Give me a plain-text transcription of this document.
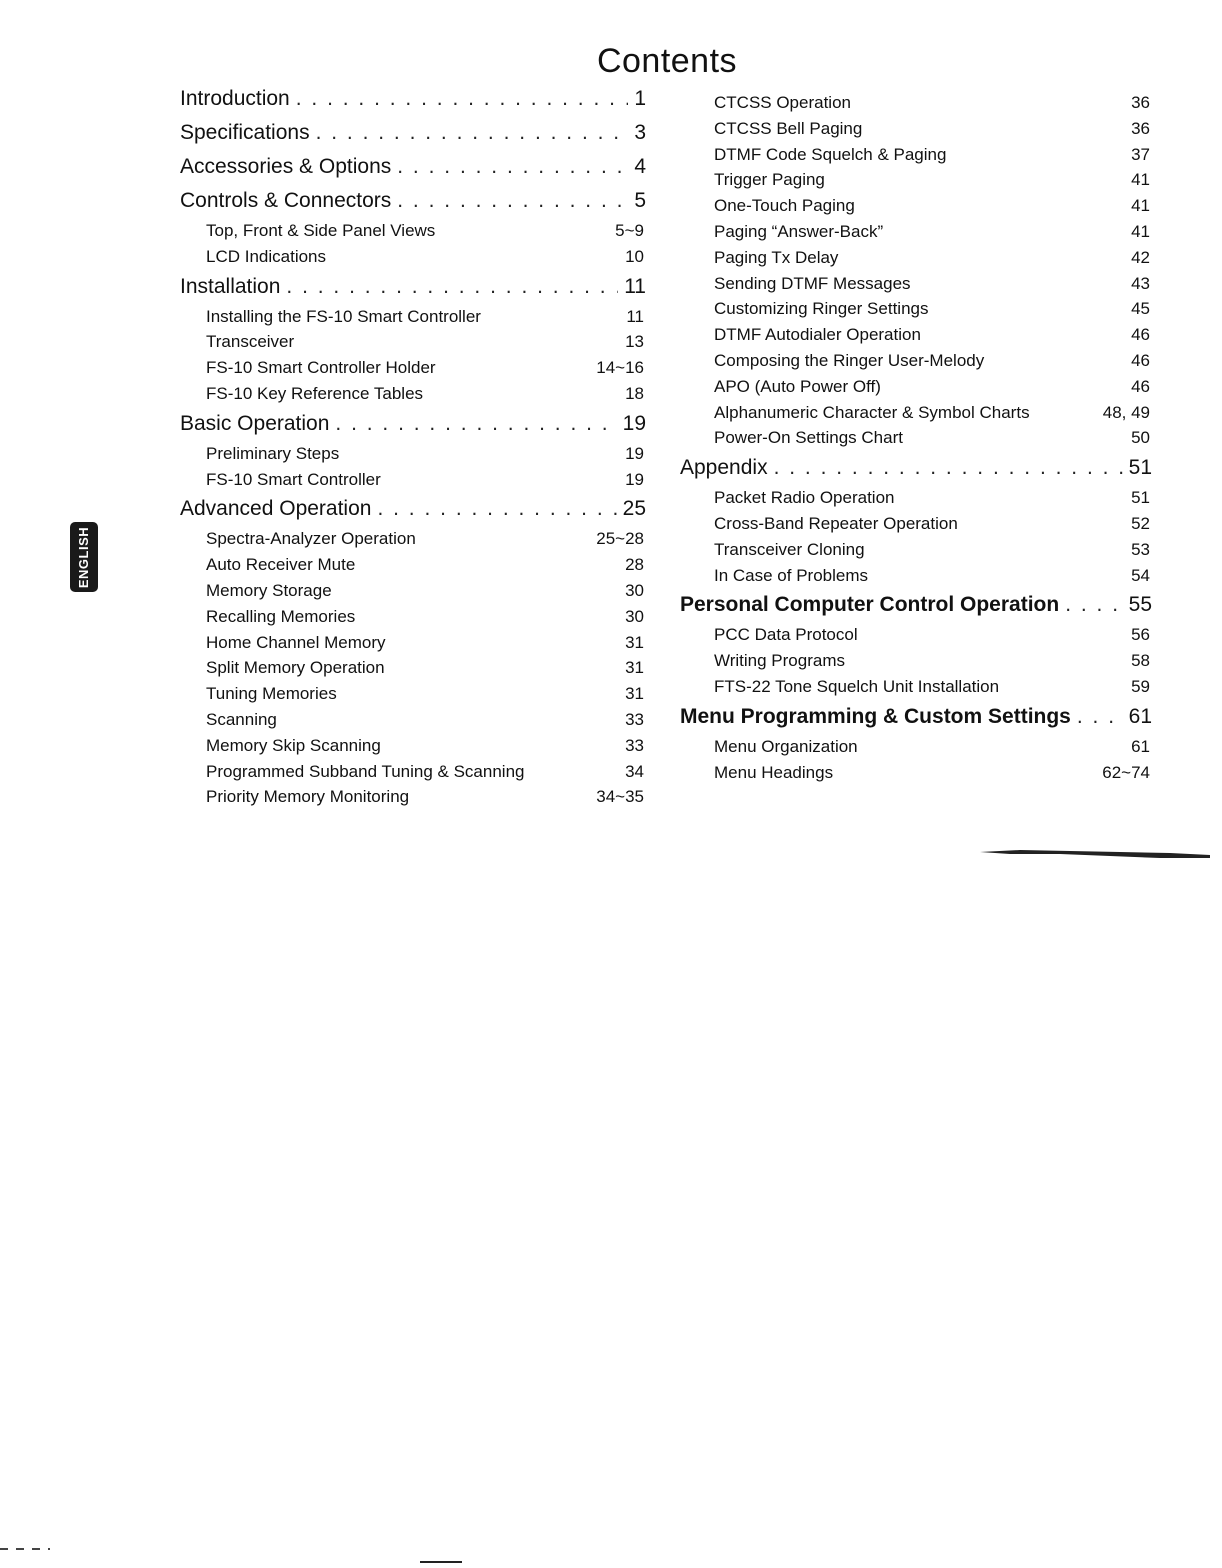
Contents
ENGLISH
Introduction . . .	1
Specifications . . .	3
Accessories & Options . . .	4
Controls & Connectors . . .	5
Top, Front & Side Panel Views	5~9
LCD Indications	10
Installation . . .	11
Installing the FS-10 Smart Controller	11
Transceiver	13
FS-10 Smart Controller Holder	14~16
FS-10 Key Reference Tables	18
Basic Operation . . .	19
Preliminary Steps	19
FS-10 Smart Controller	19
Advanced Operation . . .	25
Spectra-Analyzer Operation	25~28
Auto Receiver Mute	28
Memory Storage	30
Recalling Memories	30
Home Channel Memory	31
Split Memory Operation	31
Tuning Memories	31
Scanning	33
Memory Skip Scanning	33
Programmed Subband Tuning & Scanning	34
Priority Memory Monitoring	34~35
CTCSS Operation	36
CTCSS Bell Paging	36
DTMF Code Squelch & Paging	37
Trigger Paging	41
One-Touch Paging	41
Paging “Answer-Back”	41
Paging Tx Delay	42
Sending DTMF Messages	43
Customizing Ringer Settings	45
DTMF Autodialer Operation	46
Composing the Ringer User-Melody	46
APO (Auto Power Off)	46
Alphanumeric Character & Symbol Charts	48, 49
Power-On Settings Chart	50
Appendix . . .	51
Packet Radio Operation	51
Cross-Band Repeater Operation	52
Transceiver Cloning	53
In Case of Problems	54
Personal Computer Control Operation . . .	55
PCC Data Protocol	56
Writing Programs	58
FTS-22 Tone Squelch Unit Installation	59
Menu Programming & Custom Settings . . .	61
Menu Organization	61
Menu Headings	62~74
